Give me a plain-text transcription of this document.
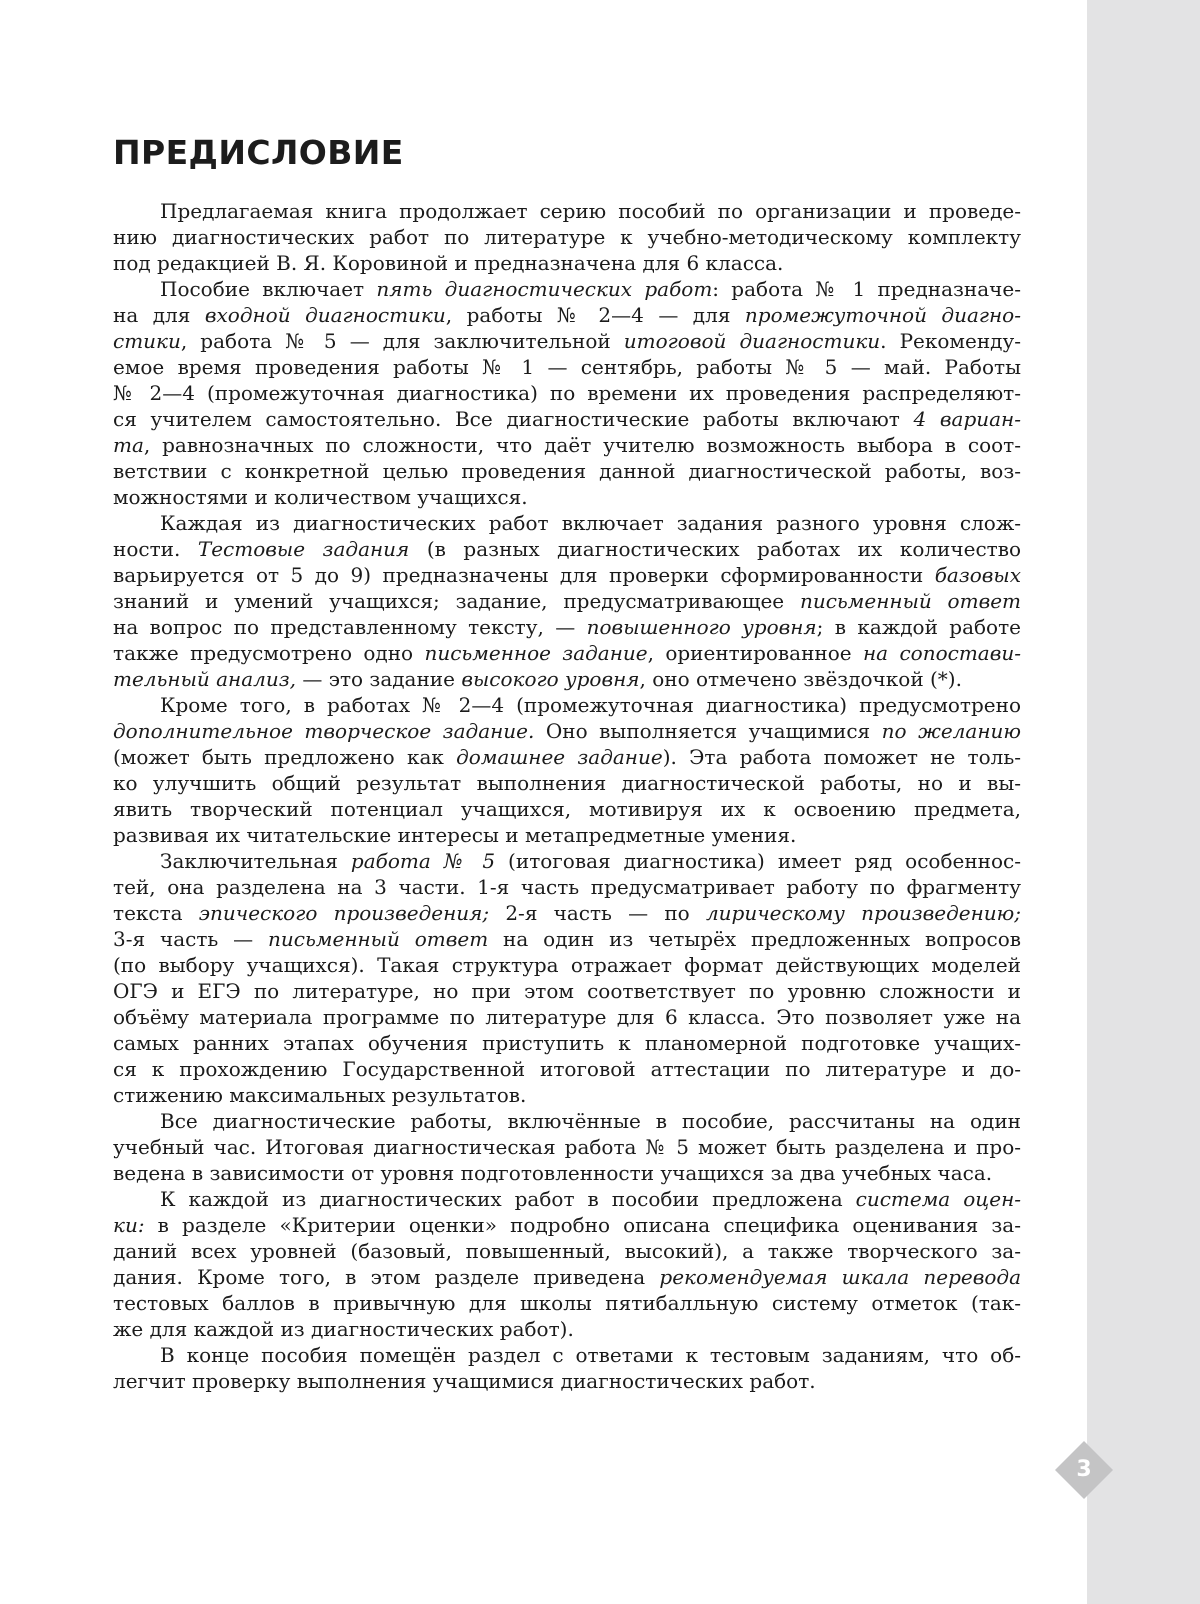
ПРЕДИСЛОВИЕ
Предлагаемая книга продолжает серию пособий по организации и проведе-
нию диагностических работ по литературе к учебно-методическому комплекту
под редакцией В. Я. Коровиной и предназначена для 6 класса.
Пособие включает пять диагностических работ: работа № 1 предназначе-
на для входной диагностики, работы № 2—4 — для промежуточной диагно-
стики, работа № 5 — для заключительной итоговой диагностики. Рекоменду-
емое время проведения работы № 1 — сентябрь, работы № 5 — май. Работы
№ 2—4 (промежуточная диагностика) по времени их проведения распределяют-
ся учителем самостоятельно. Все диагностические работы включают 4 вариан-
та, равнозначных по сложности, что даёт учителю возможность выбора в соот-
ветствии с конкретной целью проведения данной диагностической работы, воз-
можностями и количеством учащихся.
Каждая из диагностических работ включает задания разного уровня слож-
ности. Тестовые задания (в разных диагностических работах их количество
варьируется от 5 до 9) предназначены для проверки сформированности базовых
знаний и умений учащихся; задание, предусматривающее письменный ответ
на вопрос по представленному тексту, — повышенного уровня; в каждой работе
также предусмотрено одно письменное задание, ориентированное на сопостави-
тельный анализ, — это задание высокого уровня, оно отмечено звёздочкой (*).
Кроме того, в работах № 2—4 (промежуточная диагностика) предусмотрено
дополнительное творческое задание. Оно выполняется учащимися по желанию
(может быть предложено как домашнее задание). Эта работа поможет не толь-
ко улучшить общий результат выполнения диагностической работы, но и вы-
явить творческий потенциал учащихся, мотивируя их к освоению предмета,
развивая их читательские интересы и метапредметные умения.
Заключительная работа № 5 (итоговая диагностика) имеет ряд особеннос-
тей, она разделена на 3 части. 1-я часть предусматривает работу по фрагменту
текста эпического произведения; 2-я часть — по лирическому произведению;
3-я часть — письменный ответ на один из четырёх предложенных вопросов
(по выбору учащихся). Такая структура отражает формат действующих моделей
ОГЭ и ЕГЭ по литературе, но при этом соответствует по уровню сложности и
объёму материала программе по литературе для 6 класса. Это позволяет уже на
самых ранних этапах обучения приступить к планомерной подготовке учащих-
ся к прохождению Государственной итоговой аттестации по литературе и до-
стижению максимальных результатов.
Все диагностические работы, включённые в пособие, рассчитаны на один
учебный час. Итоговая диагностическая работа № 5 может быть разделена и про-
ведена в зависимости от уровня подготовленности учащихся за два учебных часа.
К каждой из диагностических работ в пособии предложена система оцен-
ки: в разделе «Критерии оценки» подробно описана специфика оценивания за-
даний всех уровней (базовый, повышенный, высокий), а также творческого за-
дания. Кроме того, в этом разделе приведена рекомендуемая шкала перевода
тестовых баллов в привычную для школы пятибалльную систему отметок (так-
же для каждой из диагностических работ).
В конце пособия помещён раздел с ответами к тестовым заданиям, что об-
легчит проверку выполнения учащимися диагностических работ.
3
